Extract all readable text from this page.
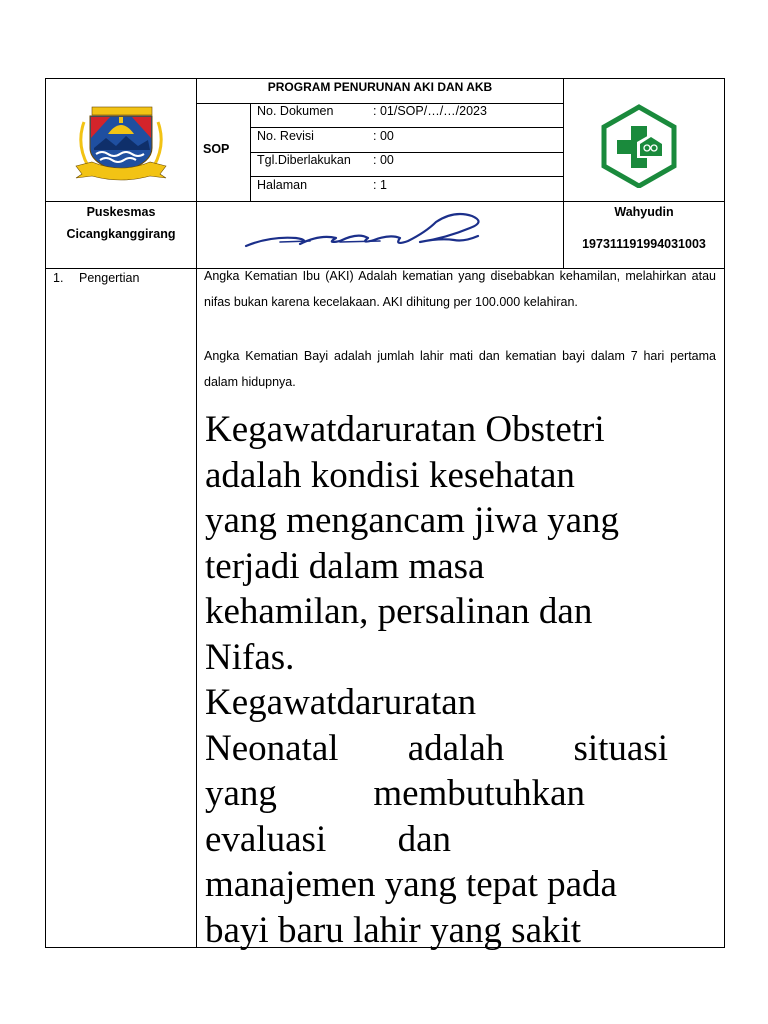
PROGRAM PENURUNAN AKI DAN AKB
SOP
No. Dokumen	: 01/SOP/…/…/2023
No. Revisi	: 00
Tgl.Diberlakukan : 00
Halaman	: 1
Puskesmas
Cicangkanggirang
Wahyudin
197311191994031003
1. Pengertian	Angka Kematian Ibu (AKI) Adalah kematian yang disebabkan kehamilan, melahirkan atau nifas bukan karena kecelakaan. AKI dihitung per 100.000 kelahiran.
Angka Kematian Bayi adalah jumlah lahir mati dan kematian bayi dalam 7 hari pertama dalam hidupnya.
Kegawatdaruratan Obstetri
adalah kondisi kesehatan
yang mengancam jiwa yang
terjadi dalam masa
kehamilan, persalinan dan
Nifas.
Kegawatdaruratan
Neonatal adalah situasi
yang membutuhkan
evaluasi dan
manajemen yang tepat pada
bayi baru lahir yang sakit
